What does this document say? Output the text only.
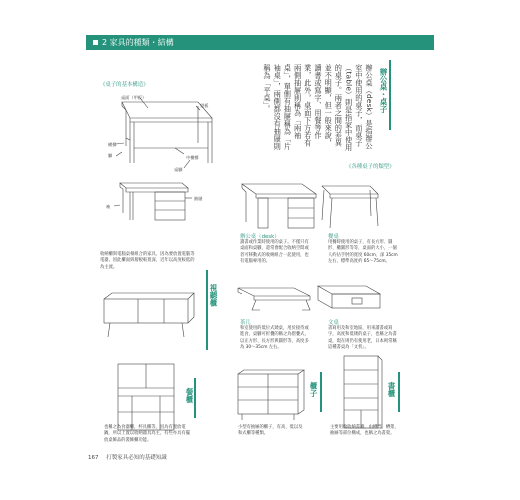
2 家具的種類・結構
《桌子的基本構造》
桌面（甲板）
望板
橫撐
腳	中橫撐
桌腳
抽屜
袖
辦公桌・桌子
辦公桌（desk）是指辦公室中使用的桌子，而桌子（table）則是指家中使用的桌子。兩者之間的差異並不明顯，但一般來說，讀書或寫字、用餐等作業，此外，桌面下方若有兩側抽屜則稱為「兩袖桌」，單側有抽屜稱為「片袖桌」，兩側都沒有抽屜則稱為「平桌」。
《各種桌子的類型》
辦公桌（desk）
讀書或作業時使用的桌子。不僅只有桌面和桌腳，還常會配合收納空間或者可移動式的收納組合一起使用，也有電腦專用的。
餐桌
用餐時使用的桌子，有長方形、圓形、橢圓形等等，桌面的大小，一個人約佔手肘的寬度 60cm、深 35cm 左右，標準高度約 65～75cm。
茶几
和室使用的低位式矮桌，用於接待或進食，桌腳可折疊的稱之為摺疊式，以正方形、長方形與圓形等，高度多為 30～35cm 左右。
文桌
書寫用及和室地區，用來讀書或寫字，高度和低矮的桌子，也稱之為書桌，現在則仍有使用老，日本則常稱這種書桌為「文机」。
收納櫃與電腦桌相組合的家具，因為要放置電腦等電器，因此櫃面與層板較寬深，近年以高度較低的為主流。
視聽櫃
餐櫃	櫃子	書櫃
也稱之為食器櫃，杯具櫃等，因為有置放電鍋，所以上置以收納器具為主，有些亦具有擺放桌飾品的裝飾櫃功能。
小型有抽屜的櫃子，有高、低以及和式櫃等種類。
主要用做收納書籍，由槽門、槽架、抽屜等部位構成，也稱之為書架。
167 打製家具必知的基礎知識
